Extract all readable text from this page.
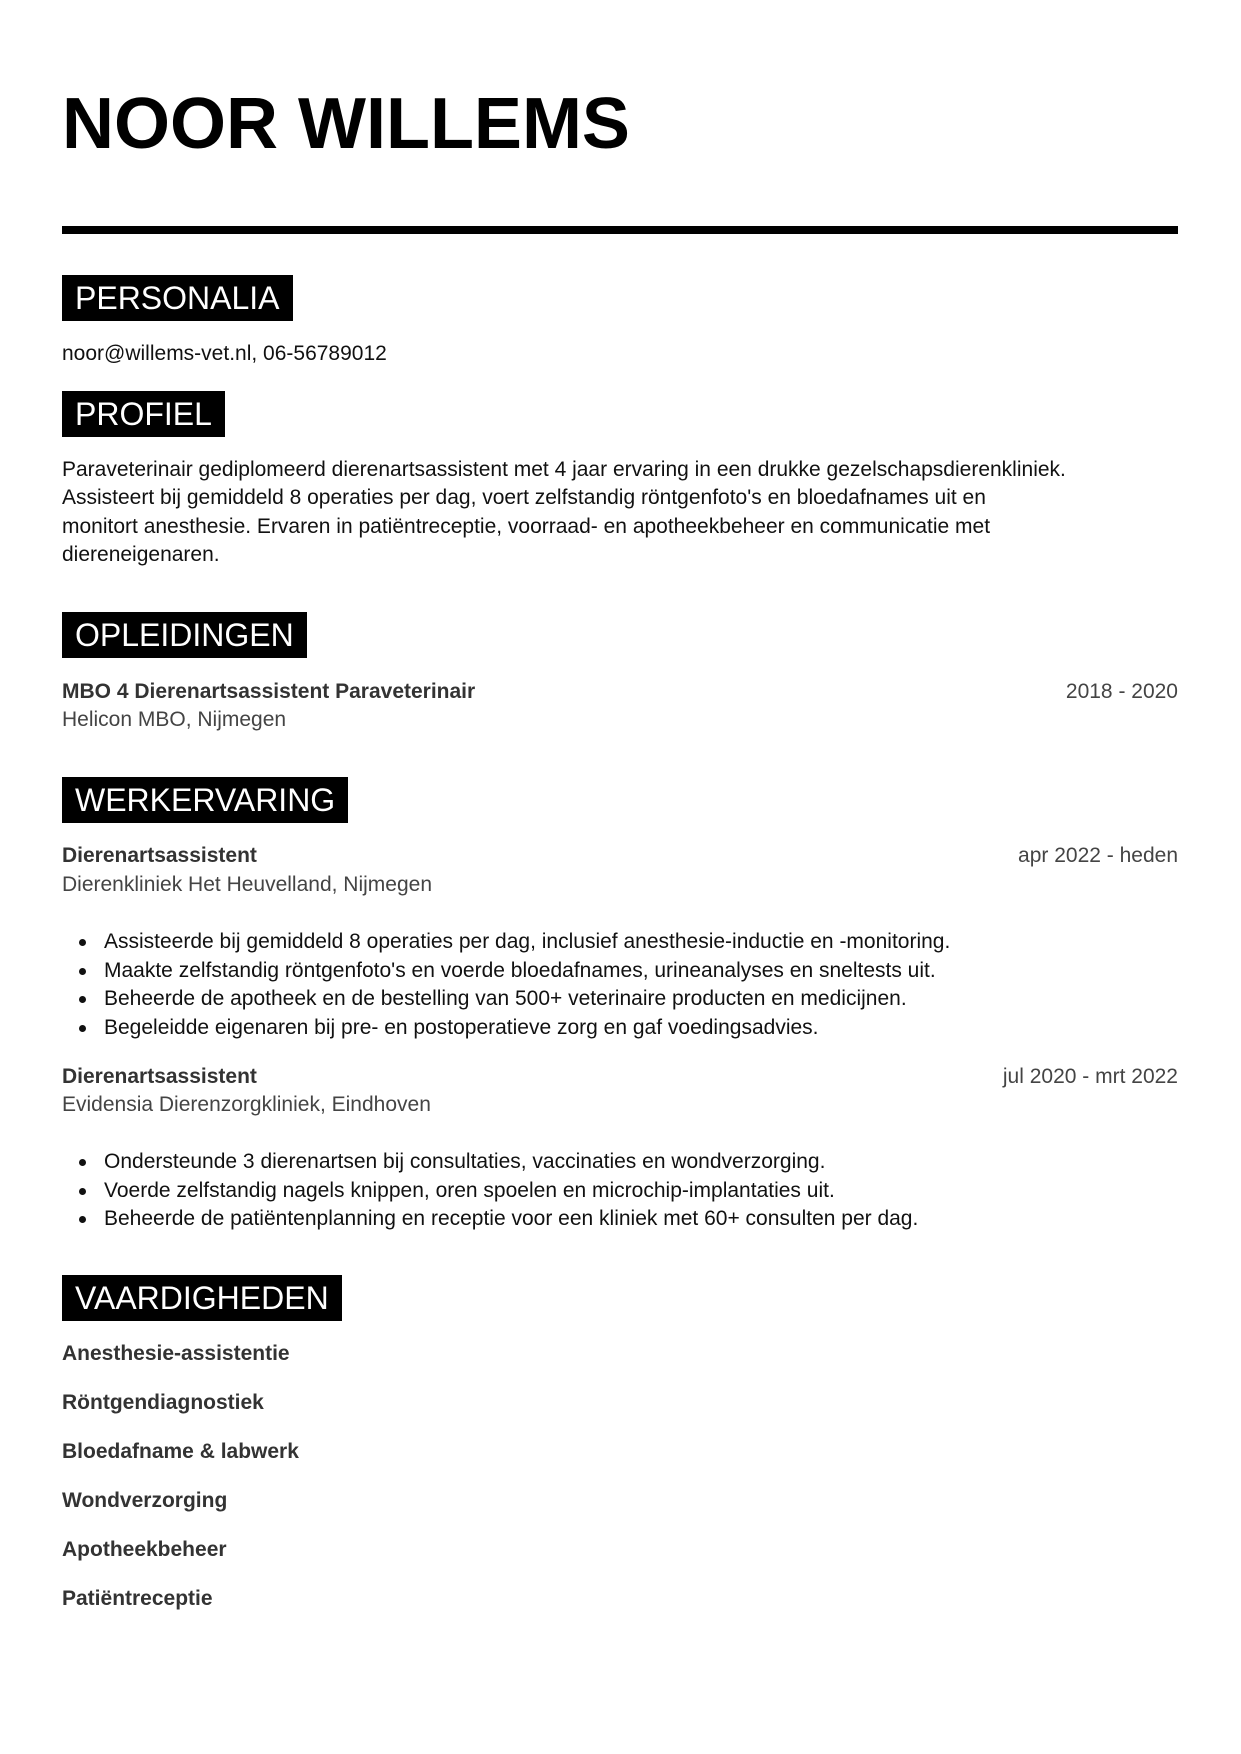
NOOR WILLEMS
PERSONALIA
noor@willems-vet.nl, 06-56789012
PROFIEL
Paraveterinair gediplomeerd dierenartsassistent met 4 jaar ervaring in een drukke gezelschapsdierenkliniek.
Assisteert bij gemiddeld 8 operaties per dag, voert zelfstandig röntgenfoto's en bloedafnames uit en
monitort anesthesie. Ervaren in patiëntreceptie, voorraad- en apotheekbeheer en communicatie met
diereneigenaren.
OPLEIDINGEN
MBO 4 Dierenartsassistent Paraveterinair	2018 - 2020
Helicon MBO, Nijmegen
WERKERVARING
Dierenartsassistent	apr 2022 - heden
Dierenkliniek Het Heuvelland, Nijmegen
Assisteerde bij gemiddeld 8 operaties per dag, inclusief anesthesie-inductie en -monitoring.
Maakte zelfstandig röntgenfoto's en voerde bloedafnames, urineanalyses en sneltests uit.
Beheerde de apotheek en de bestelling van 500+ veterinaire producten en medicijnen.
Begeleidde eigenaren bij pre- en postoperatieve zorg en gaf voedingsadvies.
Dierenartsassistent	jul 2020 - mrt 2022
Evidensia Dierenzorgkliniek, Eindhoven
Ondersteunde 3 dierenartsen bij consultaties, vaccinaties en wondverzorging.
Voerde zelfstandig nagels knippen, oren spoelen en microchip-implantaties uit.
Beheerde de patiëntenplanning en receptie voor een kliniek met 60+ consulten per dag.
VAARDIGHEDEN
Anesthesie-assistentie
Röntgendiagnostiek
Bloedafname & labwerk
Wondverzorging
Apotheekbeheer
Patiëntreceptie
